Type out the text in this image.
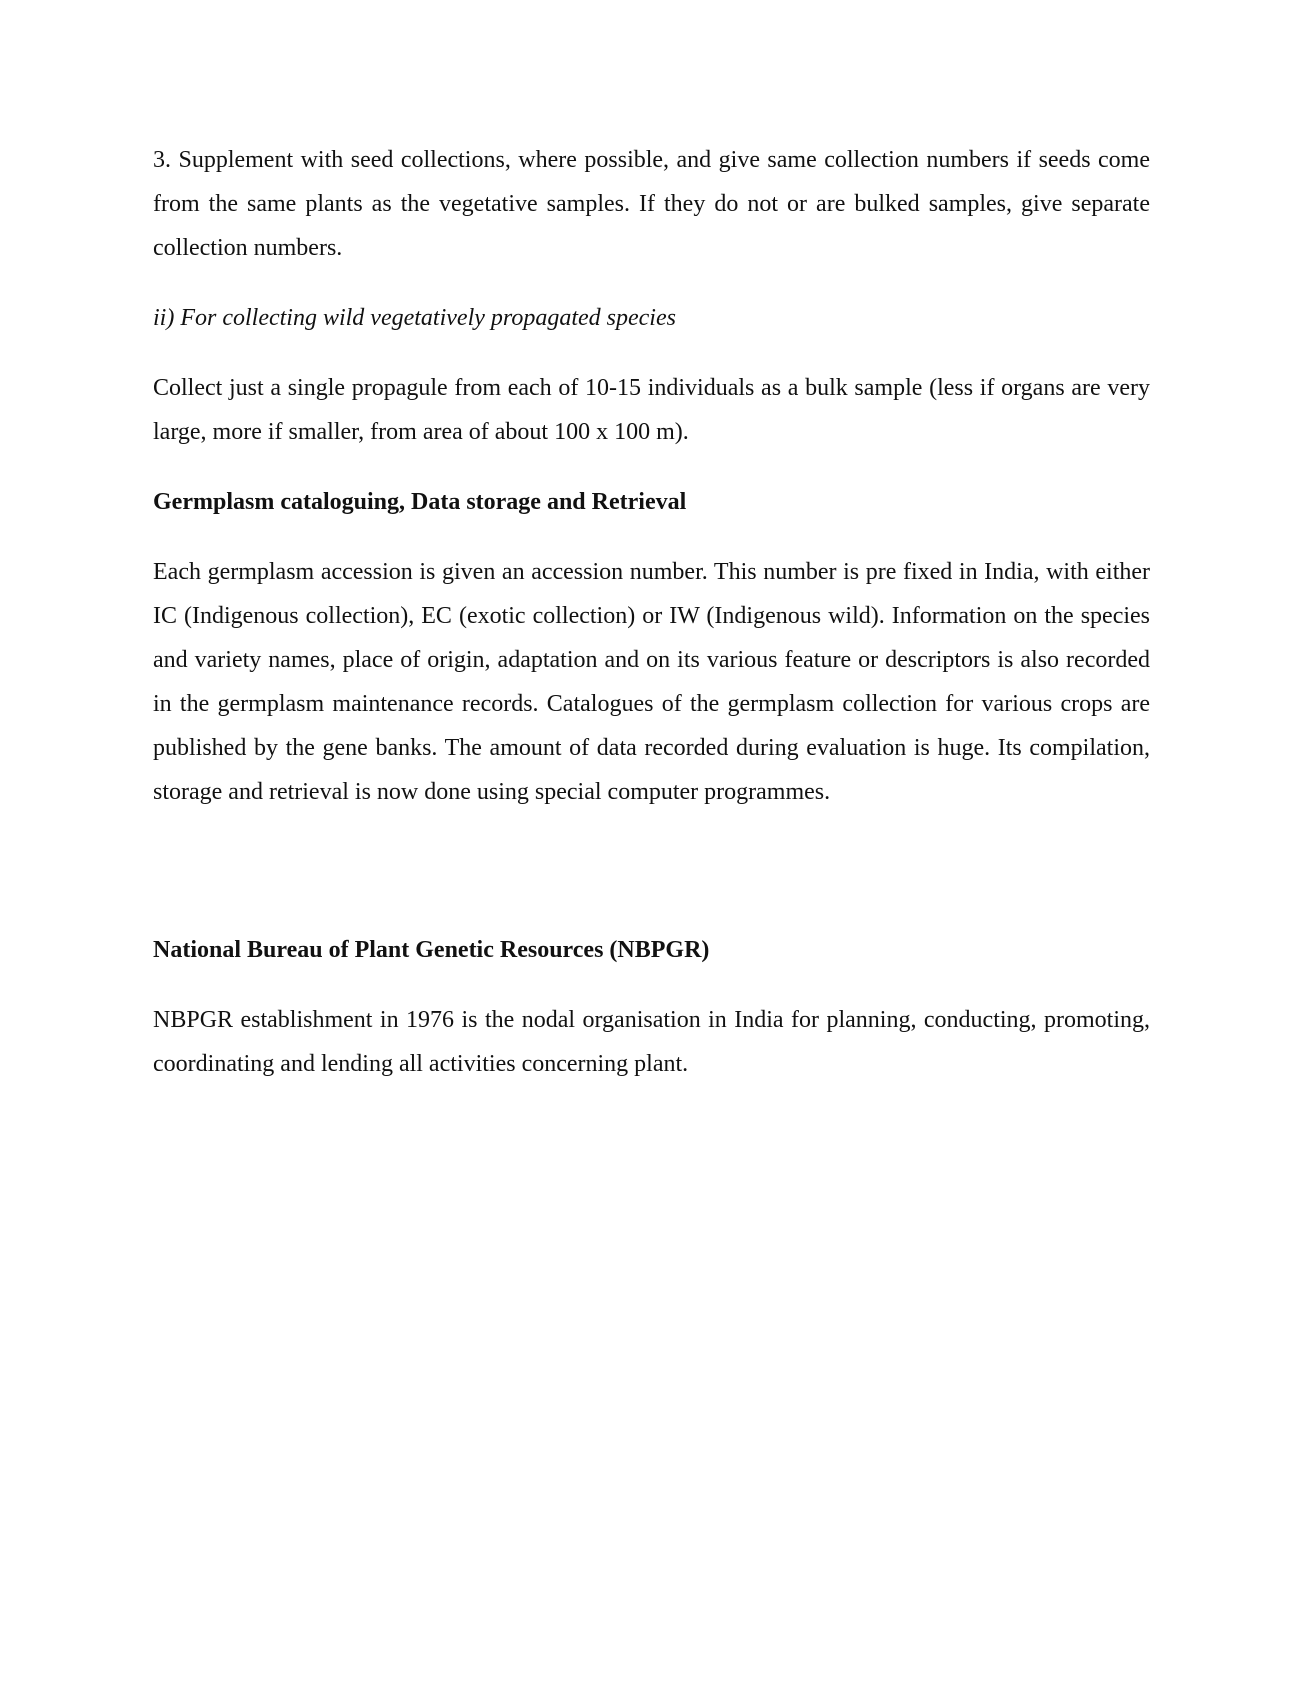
3. Supplement with seed collections, where possible, and give same collection numbers if seeds come from the same plants as the vegetative samples. If they do not or are bulked samples, give separate collection numbers.

ii) For collecting wild vegetatively propagated species

Collect just a single propagule from each of 10-15 individuals as a bulk sample (less if organs are very large, more if smaller, from area of about 100 x 100 m).

Germplasm cataloguing, Data storage and Retrieval

Each germplasm accession is given an accession number. This number is pre fixed in India, with either IC (Indigenous collection), EC (exotic collection) or IW (Indigenous wild). Information on the species and variety names, place of origin, adaptation and on its various feature or descriptors is also recorded in the germplasm maintenance records. Catalogues of the germplasm collection for various crops are published by the gene banks. The amount of data recorded during evaluation is huge. Its compilation, storage and retrieval is now done using special computer programmes.

National Bureau of Plant Genetic Resources (NBPGR)

NBPGR establishment in 1976 is the nodal organisation in India for planning, conducting, promoting, coordinating and lending all activities concerning plant.
